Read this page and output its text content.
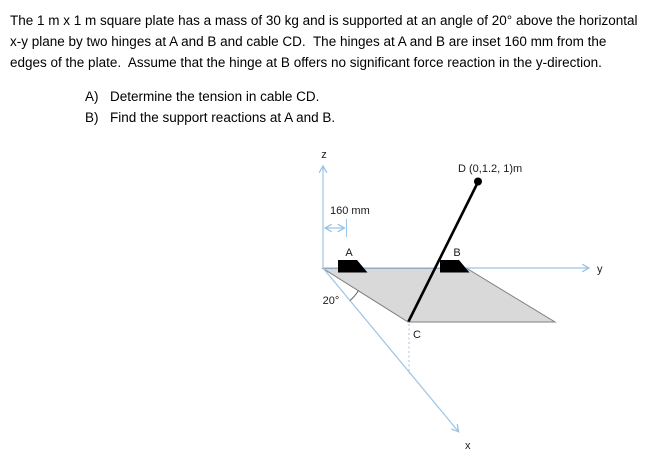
The 1 m x 1 m square plate has a mass of 30 kg and is supported at an angle of 20° above the horizontal
x-y plane by two hinges at A and B and cable CD.  The hinges at A and B are inset 160 mm from the
edges of the plate.  Assume that the hinge at B offers no significant force reaction in the y-direction.
A) Determine the tension in cable CD.
B) Find the support reactions at A and B.
z
y
x
160 mm
20°
A	B
C
D (0,1.2, 1)m
